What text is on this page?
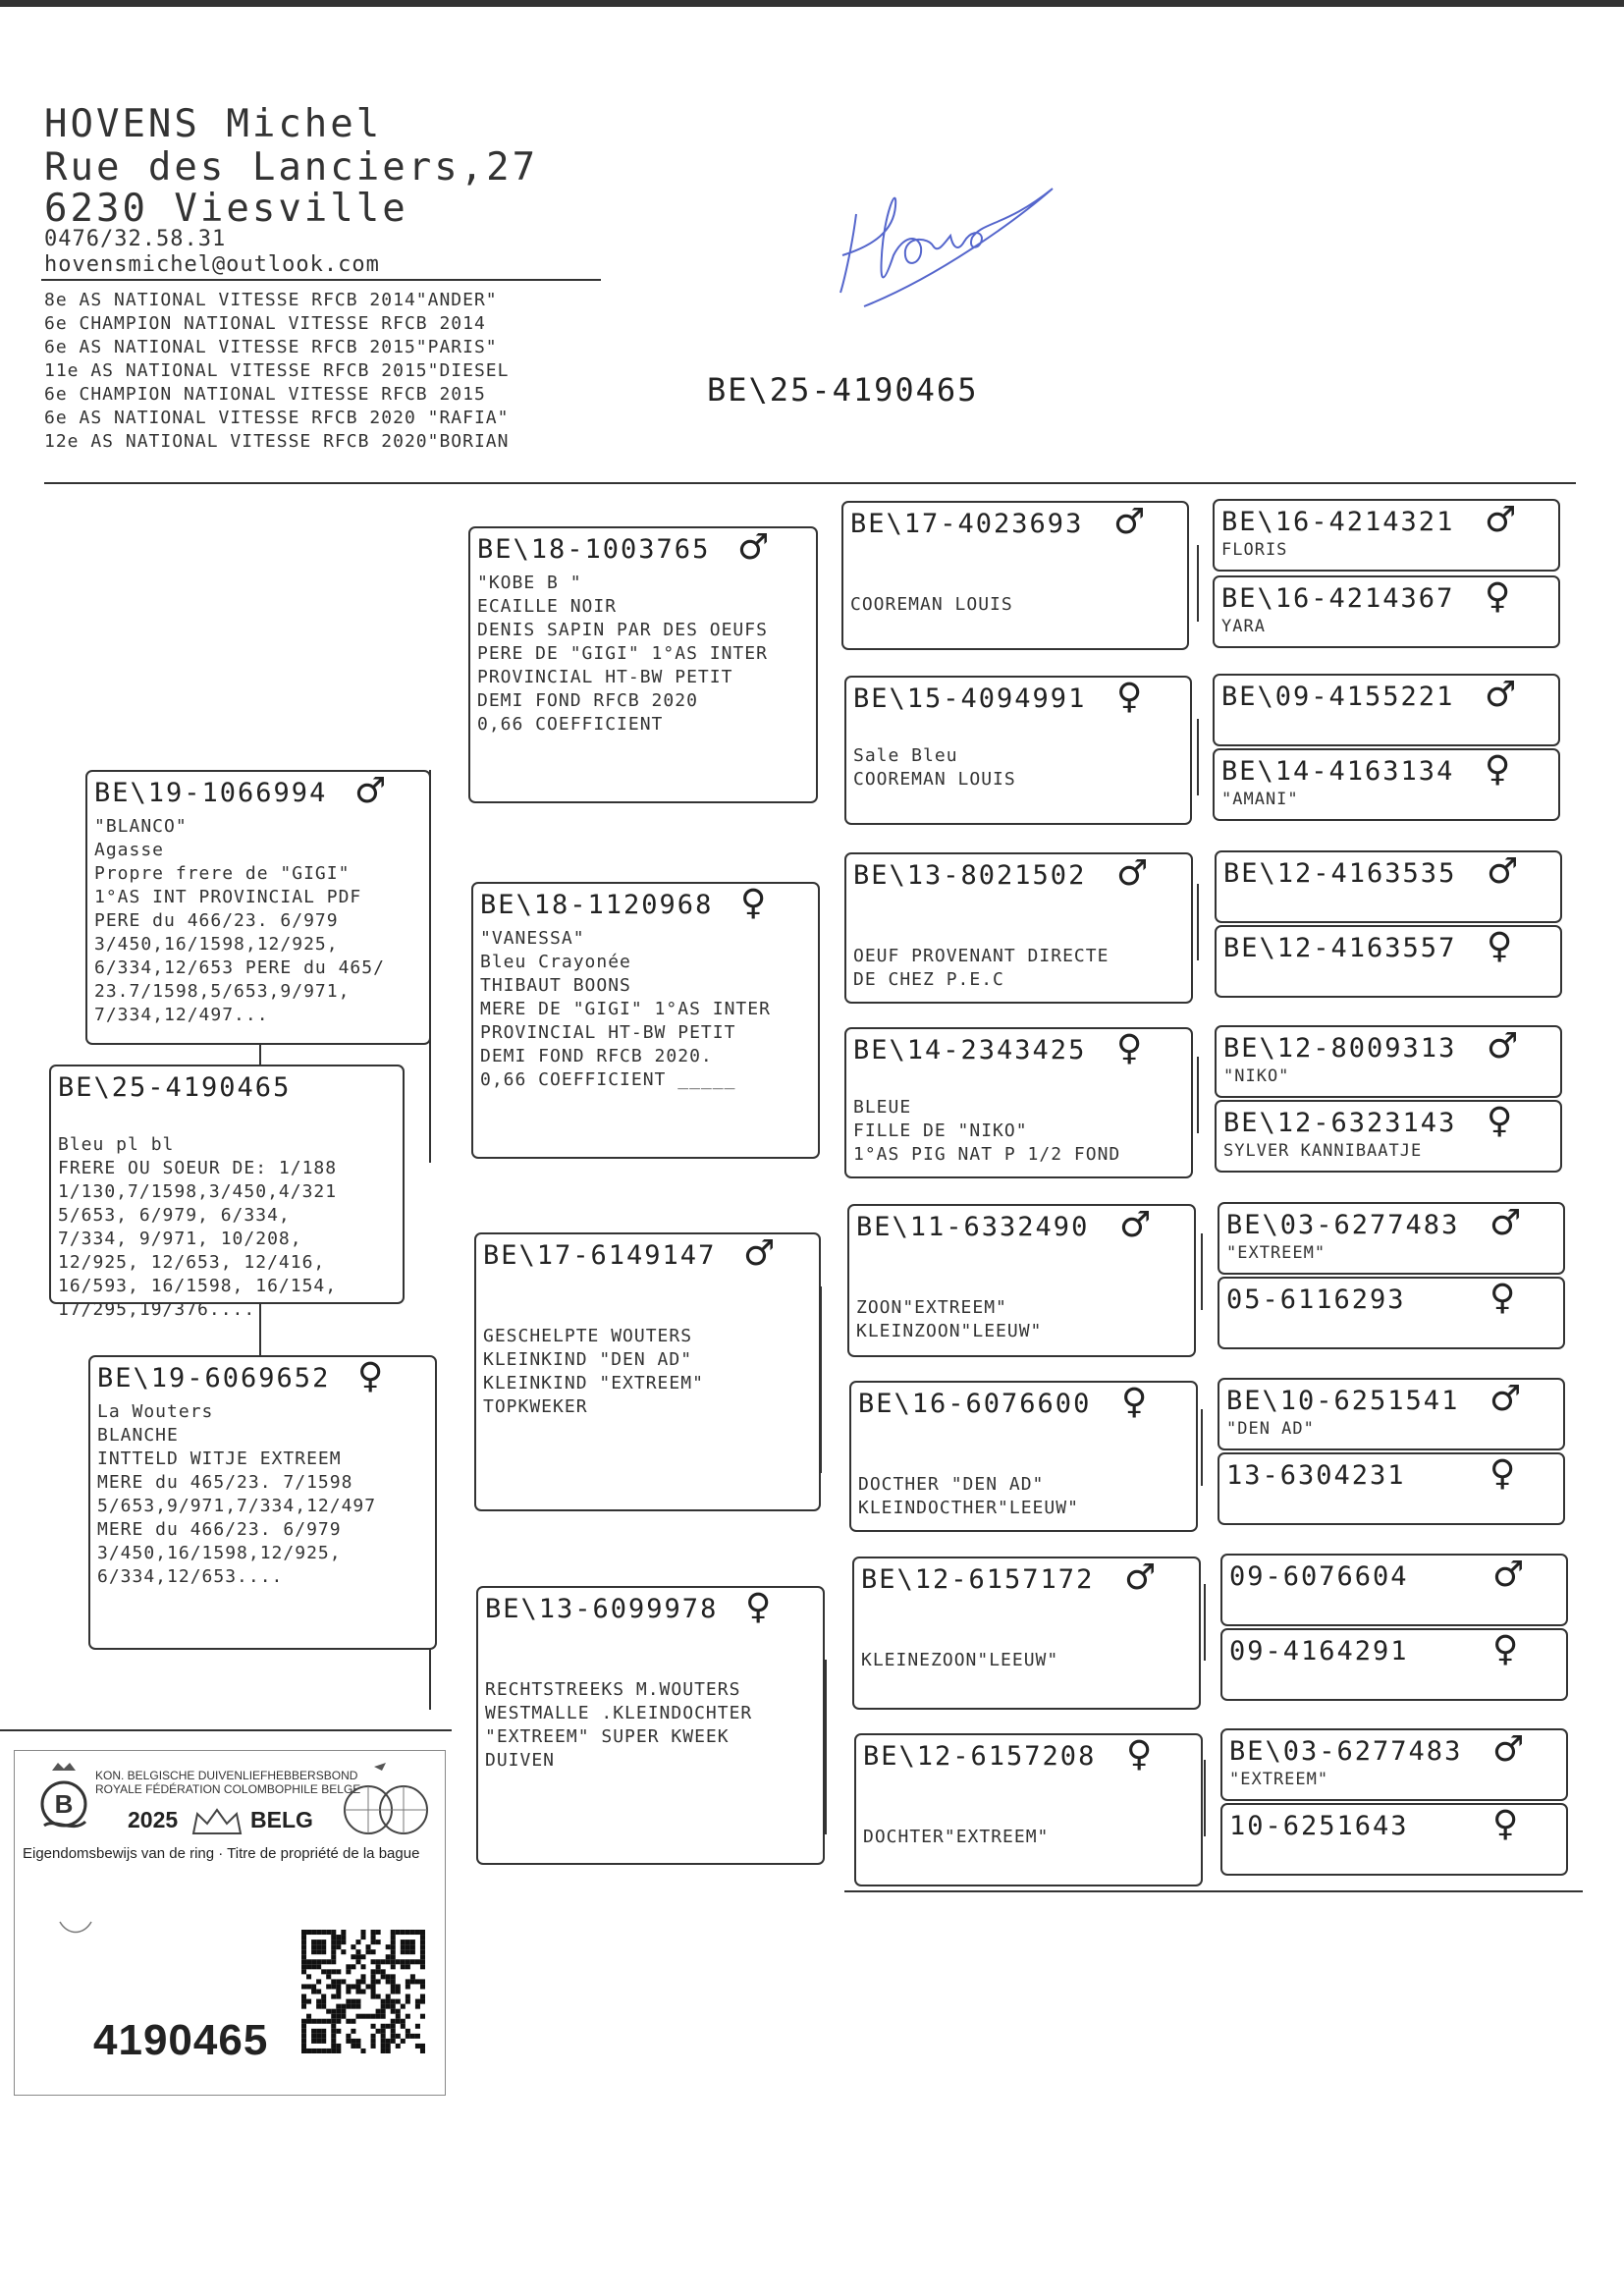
HOVENS Michel
Rue des Lanciers,27
6230 Viesville
0476/32.58.31
hovensmichel@outlook.com
8e AS NATIONAL VITESSE RFCB 2014"ANDER"
6e CHAMPION NATIONAL VITESSE RFCB 2014
6e AS NATIONAL VITESSE RFCB 2015"PARIS"
11e AS NATIONAL VITESSE RFCB 2015"DIESEL
6e CHAMPION NATIONAL VITESSE RFCB 2015
6e AS NATIONAL VITESSE RFCB 2020 "RAFIA"
12e AS NATIONAL VITESSE RFCB 2020"BORIAN
BE\25-4190465
BE\25-4190465
Bleu pl bl
FRERE OU SOEUR DE: 1/188
1/130,7/1598,3/450,4/321
5/653, 6/979, 6/334,
7/334, 9/971, 10/208,
12/925, 12/653, 12/416,
16/593, 16/1598, 16/154,
17/295,19/376....
BE\19-1066994 ♂
"BLANCO"
Agasse
Propre frere de "GIGI"
1°AS INT PROVINCIAL PDF
PERE du 466/23. 6/979
3/450,16/1598,12/925,
6/334,12/653 PERE du 465/
23.7/1598,5/653,9/971,
7/334,12/497...
BE\19-6069652 ♀
La Wouters
BLANCHE
INTTELD WITJE EXTREEM
MERE du 465/23. 7/1598
5/653,9/971,7/334,12/497
MERE du 466/23. 6/979
3/450,16/1598,12/925,
6/334,12/653....
BE\18-1003765 ♂
"KOBE B "
ECAILLE NOIR
DENIS SAPIN PAR DES OEUFS
PERE DE "GIGI" 1°AS INTER
PROVINCIAL HT-BW PETIT
DEMI FOND RFCB 2020
0,66 COEFFICIENT
BE\18-1120968 ♀
"VANESSA"
Bleu Crayonée
THIBAUT BOONS
MERE DE "GIGI" 1°AS INTER
PROVINCIAL HT-BW PETIT
DEMI FOND RFCB 2020.
0,66 COEFFICIENT _____
BE\17-6149147 ♂
GESCHELPTE WOUTERS
KLEINKIND "DEN AD"
KLEINKIND "EXTREEM"
TOPKWEKER
BE\13-6099978 ♀
RECHTSTREEKS M.WOUTERS
WESTMALLE .KLEINDOCHTER
"EXTREEM" SUPER KWEEK
DUIVEN
BE\17-4023693 ♂
COOREMAN LOUIS
BE\15-4094991 ♀
Sale Bleu
COOREMAN LOUIS
BE\13-8021502 ♂
OEUF PROVENANT DIRECTE
DE CHEZ P.E.C
BE\14-2343425 ♀
BLEUE
FILLE DE "NIKO"
1°AS PIG NAT P 1/2 FOND
BE\11-6332490 ♂
ZOON"EXTREEM"
KLEINZOON"LEEUW"
BE\16-6076600 ♀
DOCTHER "DEN AD"
KLEINDOCTHER"LEEUW"
BE\12-6157172 ♂
KLEINEZOON"LEEUW"
BE\12-6157208 ♀
DOCHTER"EXTREEM"
BE\16-4214321 ♂
FLORIS
BE\16-4214367 ♀
YARA
BE\09-4155221 ♂
BE\14-4163134 ♀
"AMANI"
BE\12-4163535 ♂
BE\12-4163557 ♀
BE\12-8009313 ♂
"NIKO"
BE\12-6323143 ♀
SYLVER KANNIBAATJE
BE\03-6277483 ♂
"EXTREEM"
05-6116293 ♀
BE\10-6251541 ♂
"DEN AD"
13-6304231 ♀
09-6076604 ♂
09-4164291 ♀
BE\03-6277483 ♂
"EXTREEM"
10-6251643 ♀
B
KON. BELGISCHE DUIVENLIEFHEBBERSBOND
ROYALE FÉDÉRATION COLOMBOPHILE BELGE
2025	BELG
Eigendomsbewijs van de ring · Titre de propriété de la bague
4190465
